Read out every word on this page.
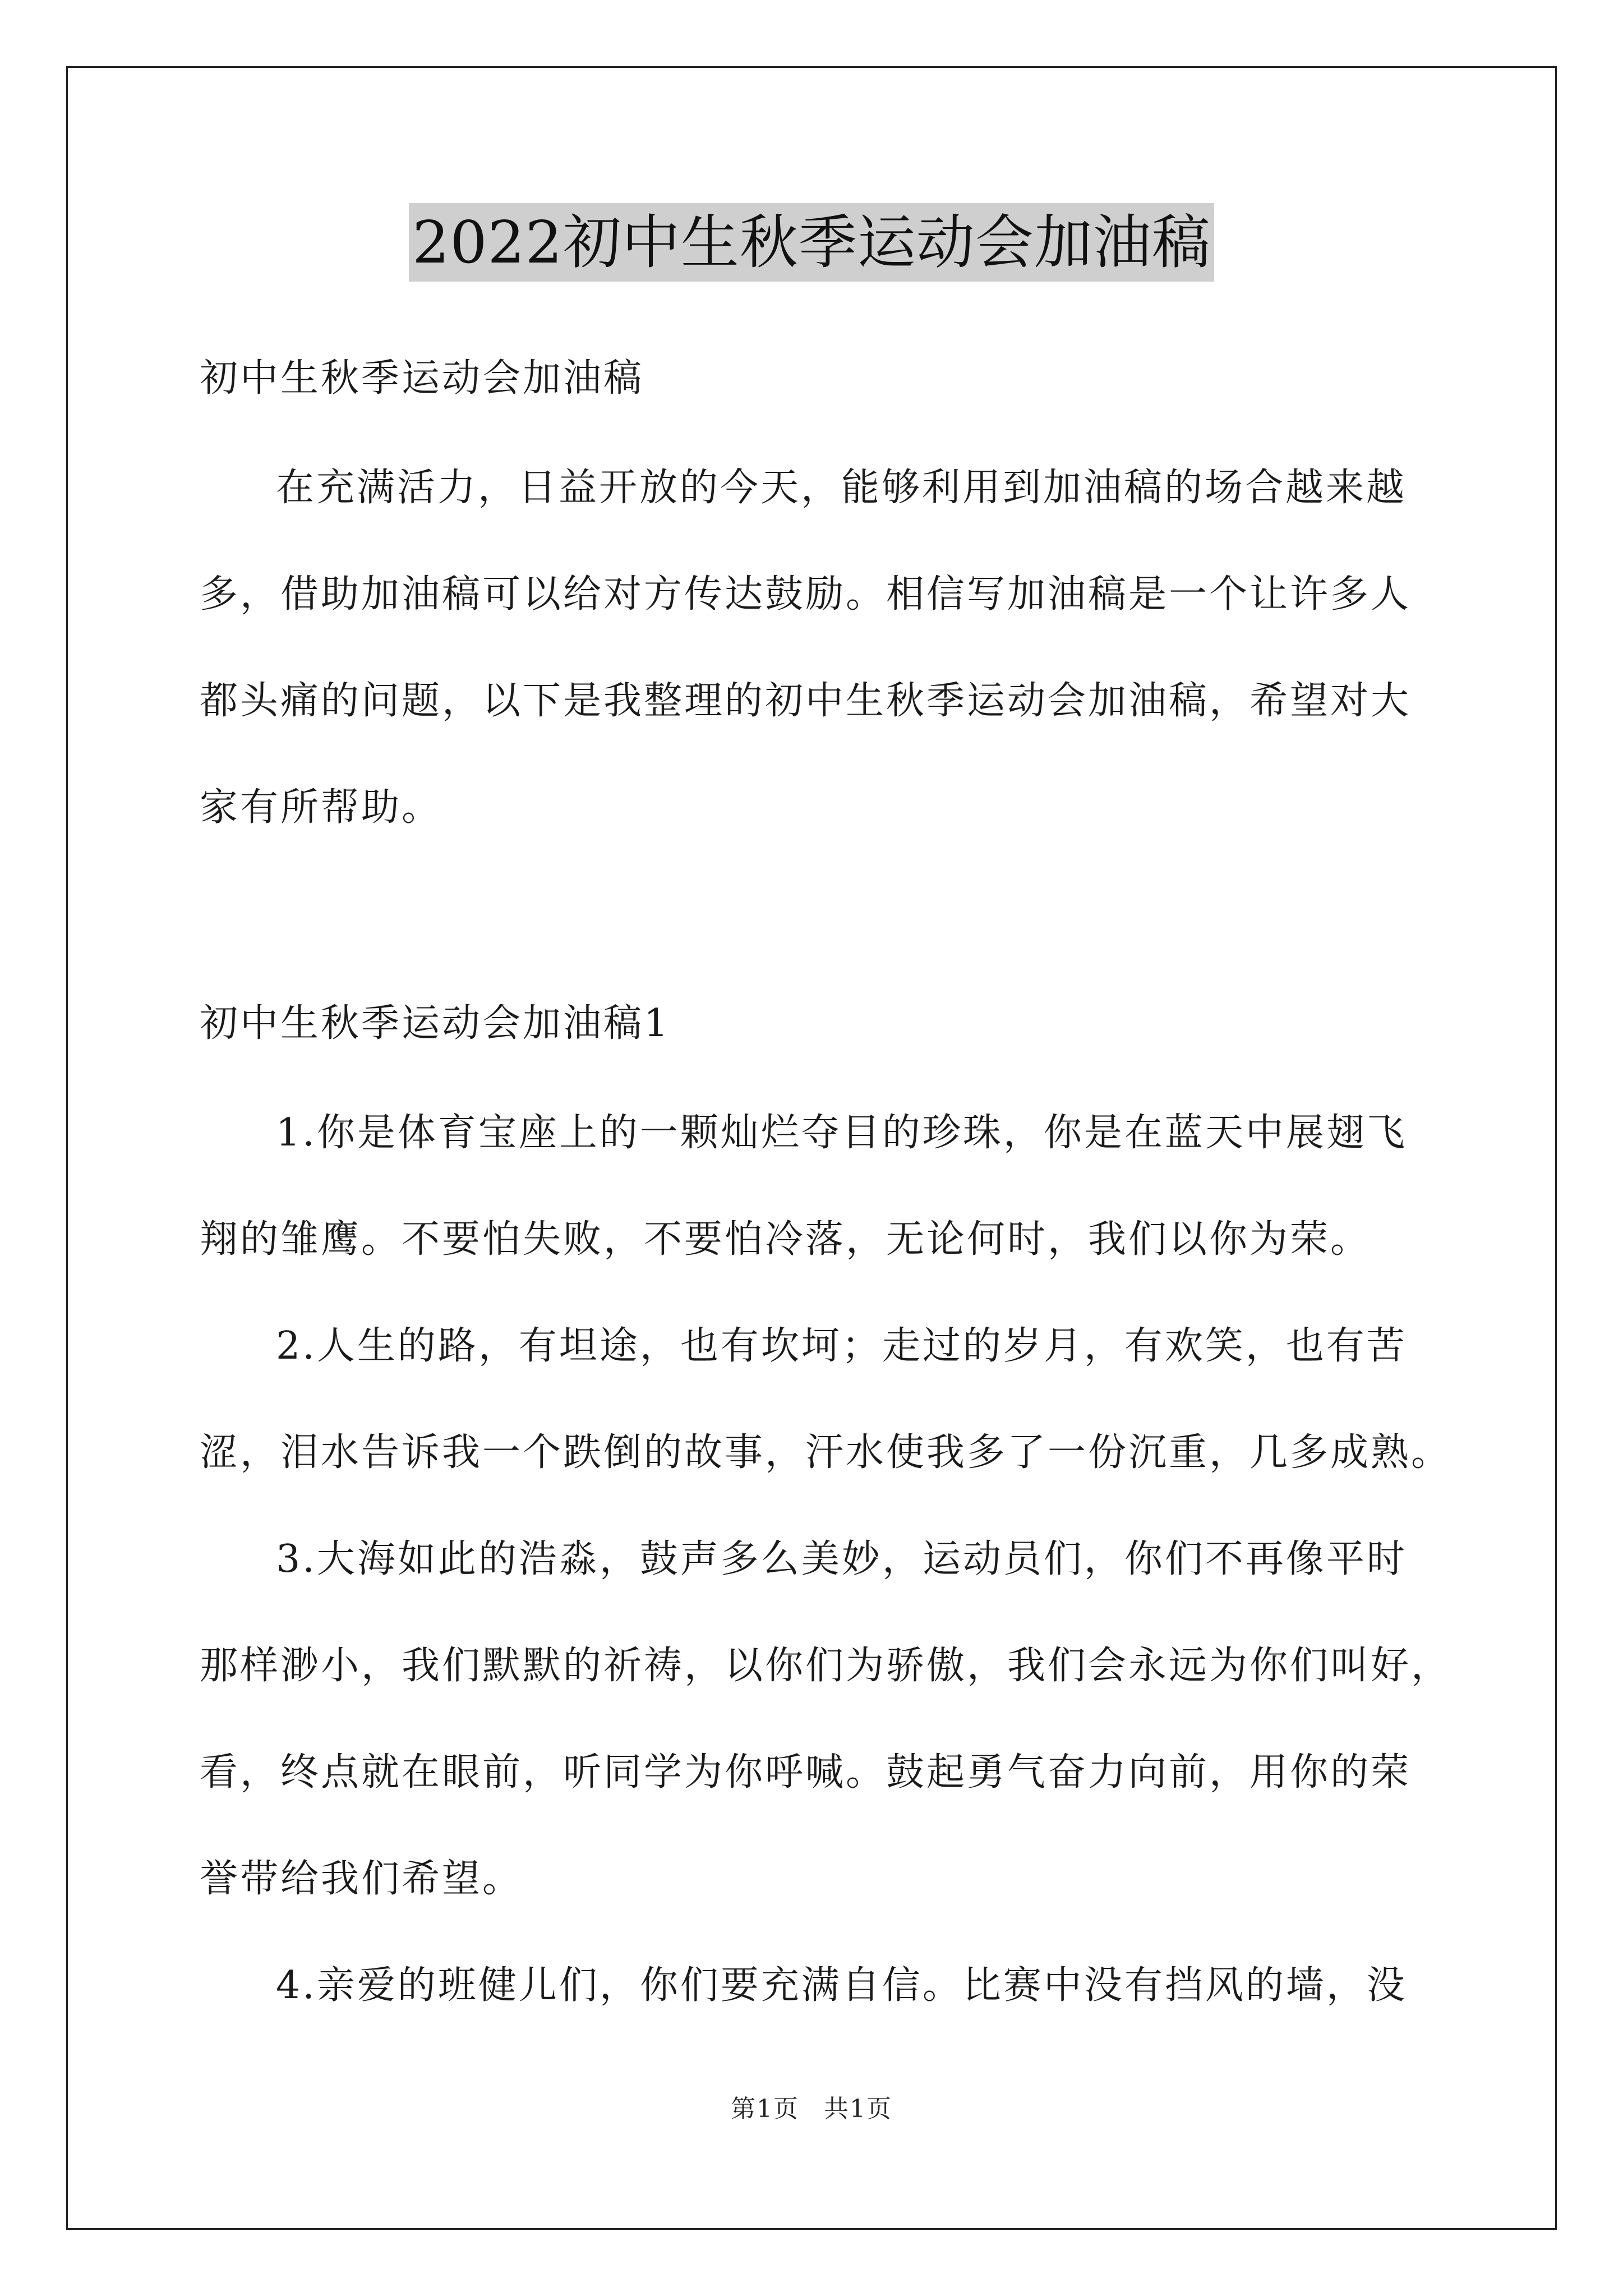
2022初中生秋季运动会加油稿
初中生秋季运动会加油稿
在充满活力，日益开放的今天，能够利用到加油稿的场合越来越
多，借助加油稿可以给对方传达鼓励。相信写加油稿是一个让许多人
都头痛的问题，以下是我整理的初中生秋季运动会加油稿，希望对大
家有所帮助。
初中生秋季运动会加油稿1
1.你是体育宝座上的一颗灿烂夺目的珍珠，你是在蓝天中展翅飞
翔的雏鹰。不要怕失败，不要怕冷落，无论何时，我们以你为荣。
2.人生的路，有坦途，也有坎坷；走过的岁月，有欢笑，也有苦
涩，泪水告诉我一个跌倒的故事，汗水使我多了一份沉重，几多成熟。
3.大海如此的浩淼，鼓声多么美妙，运动员们，你们不再像平时
那样渺小，我们默默的祈祷，以你们为骄傲，我们会永远为你们叫好，
看，终点就在眼前，听同学为你呼喊。鼓起勇气奋力向前，用你的荣
誉带给我们希望。
4.亲爱的班健儿们，你们要充满自信。比赛中没有挡风的墙，没
第1页 共1页
